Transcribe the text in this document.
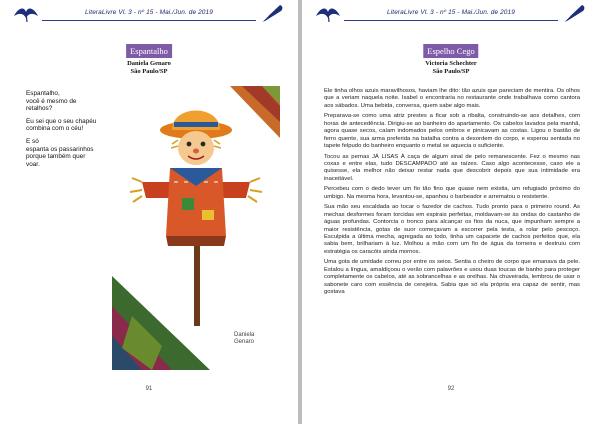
LiteraLivre Vl. 3 - nº 15 - Mai./Jun. de 2019
Espantalho
Daniela Genaro
São Paulo/SP

Espantalho,
você é mesmo de
retalhos?

Eu sei que o seu chapéu
combina com o céu!

E só
espanta os passarinhos
porque também quer
voar.

Daniela Genaro
91
LiteraLivre Vl. 3 - nº 15 - Mai./Jun. de 2019
Espelho Cego
Victoria Schechter
São Paulo/SP

Ele tinha olhos azuis maravilhosos, haviam lhe dito: tão azuis que pareciam de mentira. Os olhos que a veriam naquela noite. Isabel o encontraria no restaurante onde trabalhava como cantora aos sábados. Uma bebida, conversa, quem sabe algo mais.

Preparava-se como uma atriz prestes a ficar sob a ribalta, construindo-se aos detalhes, com horas de antecedência. Dirigiu-se ao banheiro do apartamento. Os cabelos lavados pela manhã, agora quase secos, caíam indomados pelos ombros e pinicavam as costas. Ligou o bastão de ferro quente, sua arma preferida na batalha contra a desordem do corpo, e esperou sentada no tapete felpudo do banheiro enquanto o metal se aquecia o suficiente.

Tocou as pernas JÁ LISAS À caça de algum sinal de pelo remanescente. Fez o mesmo nas coxas e entre elas, tudo DESCAMPADO até as raízes. Caso algo acontecesse, caso ele a quisesse, ela melhor não deixar restar nada que descobrir depois que sua intimidade era inaceitável.

Percebeu com o dedo tever um fio tão fino que quase nem existia, um refugiado próximo do umbigo. Na mesma hora, levantou-se, apanhou o barbeador e arrematou o resistente.

Sua mão seu escaldada ao tocar o fazedor de cachos. Tudo pronto para o primeiro round. As mechas desformes foram torcidas em espirais perfeitas, moldavam-se às ondas do castanho de águas profundas. Contorcia o tronco para alcançar os fios da nuca, que impunham sempre a maior resistência, gotas de suor começavam a escorrer pela testa, a rolar pelo pescoço. Esculpida a última mecha, agregada ao todo, tinha um capacete de cachos perfeitos que, ela sabia bem, brilhariam à luz. Molhou a mão com um fio de água da torneira e destruiu com estratégia os caracóis ainda mornos.

Uma gota de umidade correu por entre os seios. Sentia o cheiro de corpo que emanava da pele. Estalou a língua, amaldiçoou o verão com palavrões e usou duas toucas de banho para proteger completamente os cabelos, até as sobrancelhas e as orelhas. Na chuveirada, lembrou de usar o sabonete caro com essência de cerejeira. Sabia que só ela própria era capaz de sentir, mas gostava

92
